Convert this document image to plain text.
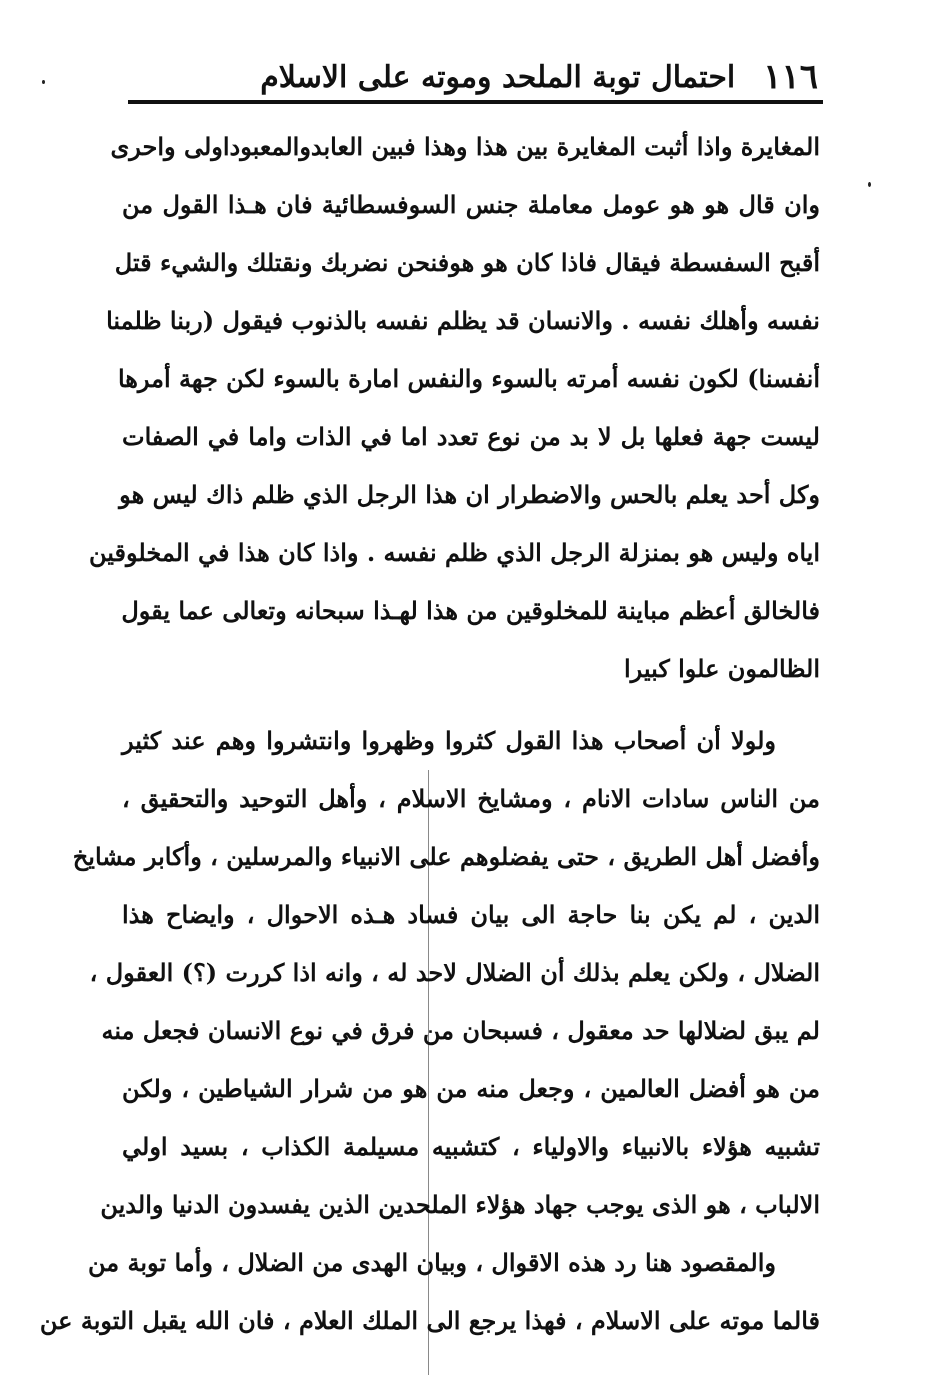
١١٦
احتمال توبة الملحد وموته على الاسلام
المغايرة واذا أثبت المغايرة بين هذا وهذا فبين العابدوالمعبوداولى واحرى
وان قال هو هو عومل معاملة جنس السوفسطائية فان هـذا القول من
أقبح السفسطة فيقال فاذا كان هو هوفنحن نضربك ونقتلك والشيء قتل
نفسه وأهلك نفسه . والانسان قد يظلم نفسه بالذنوب فيقول (ربنا ظلمنا
أنفسنا) لكون نفسه أمرته بالسوء والنفس امارة بالسوء لكن جهة أمرها
ليست جهة فعلها بل لا بد من نوع تعدد اما في الذات واما في الصفات
وكل أحد يعلم بالحس والاضطرار ان هذا الرجل الذي ظلم ذاك ليس هو
اياه وليس هو بمنزلة الرجل الذي ظلم نفسه . واذا كان هذا في المخلوقين
فالخالق أعظم مباينة للمخلوقين من هذا لهـذا سبحانه وتعالى عما يقول
الظالمون علوا كبيرا
ولولا أن أصحاب هذا القول كثروا وظهروا وانتشروا وهم عند كثير
من الناس سادات الانام ، ومشايخ الاسلام ، وأهل التوحيد والتحقيق ،
وأفضل أهل الطريق ، حتى يفضلوهم على الانبياء والمرسلين ، وأكابر مشايخ
الدين ، لم يكن بنا حاجة الى بيان فساد هـذه الاحوال ، وايضاح هذا
الضلال ، ولكن يعلم بذلك أن الضلال لاحد له ، وانه اذا كررت (؟) العقول ،
لم يبق لضلالها حد معقول ، فسبحان من فرق في نوع الانسان فجعل منه
من هو أفضل العالمين ، وجعل منه من هو من شرار الشياطين ، ولكن
تشبيه هؤلاء بالانبياء والاولياء ، كتشبيه مسيلمة الكذاب ، بسيد اولي
الالباب ، هو الذى يوجب جهاد هؤلاء الملحدين الذين يفسدون الدنيا والدين
والمقصود هنا رد هذه الاقوال ، وبيان الهدى من الضلال ، وأما توبة من
قالما موته على الاسلام ، فهذا يرجع الى الملك العلام ، فان الله يقبل التوبة عن
